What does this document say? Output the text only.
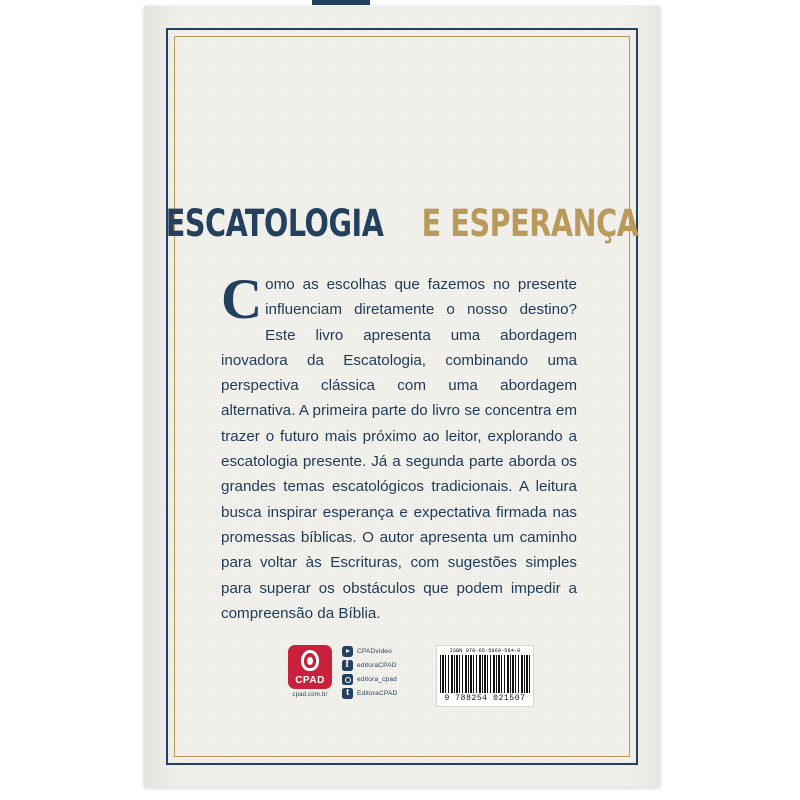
ESCATOLOGIA E ESPERANÇA
Como as escolhas que fazemos no presente influenciam diretamente o nosso destino? Este livro apresenta uma abordagem inovadora da Escatologia, combinando uma perspectiva clássica com uma abordagem alternativa. A primeira parte do livro se concentra em trazer o futuro mais próximo ao leitor, explorando a escatologia presente. Já a segunda parte aborda os grandes temas escatológicos tradicionais. A leitura busca inspirar esperança e expectativa firmada nas promessas bíblicas. O autor apresenta um caminho para voltar às Escrituras, com sugestões simples para superar os obstáculos que podem impedir a compreensão da Bíblia.
CPAD
cpad.com.br
CPADvideo
f
editoraCPAD
editora_cpad
t
EditoraCPAD
ISBN 978-65-5968-584-8
9 788254 021507
